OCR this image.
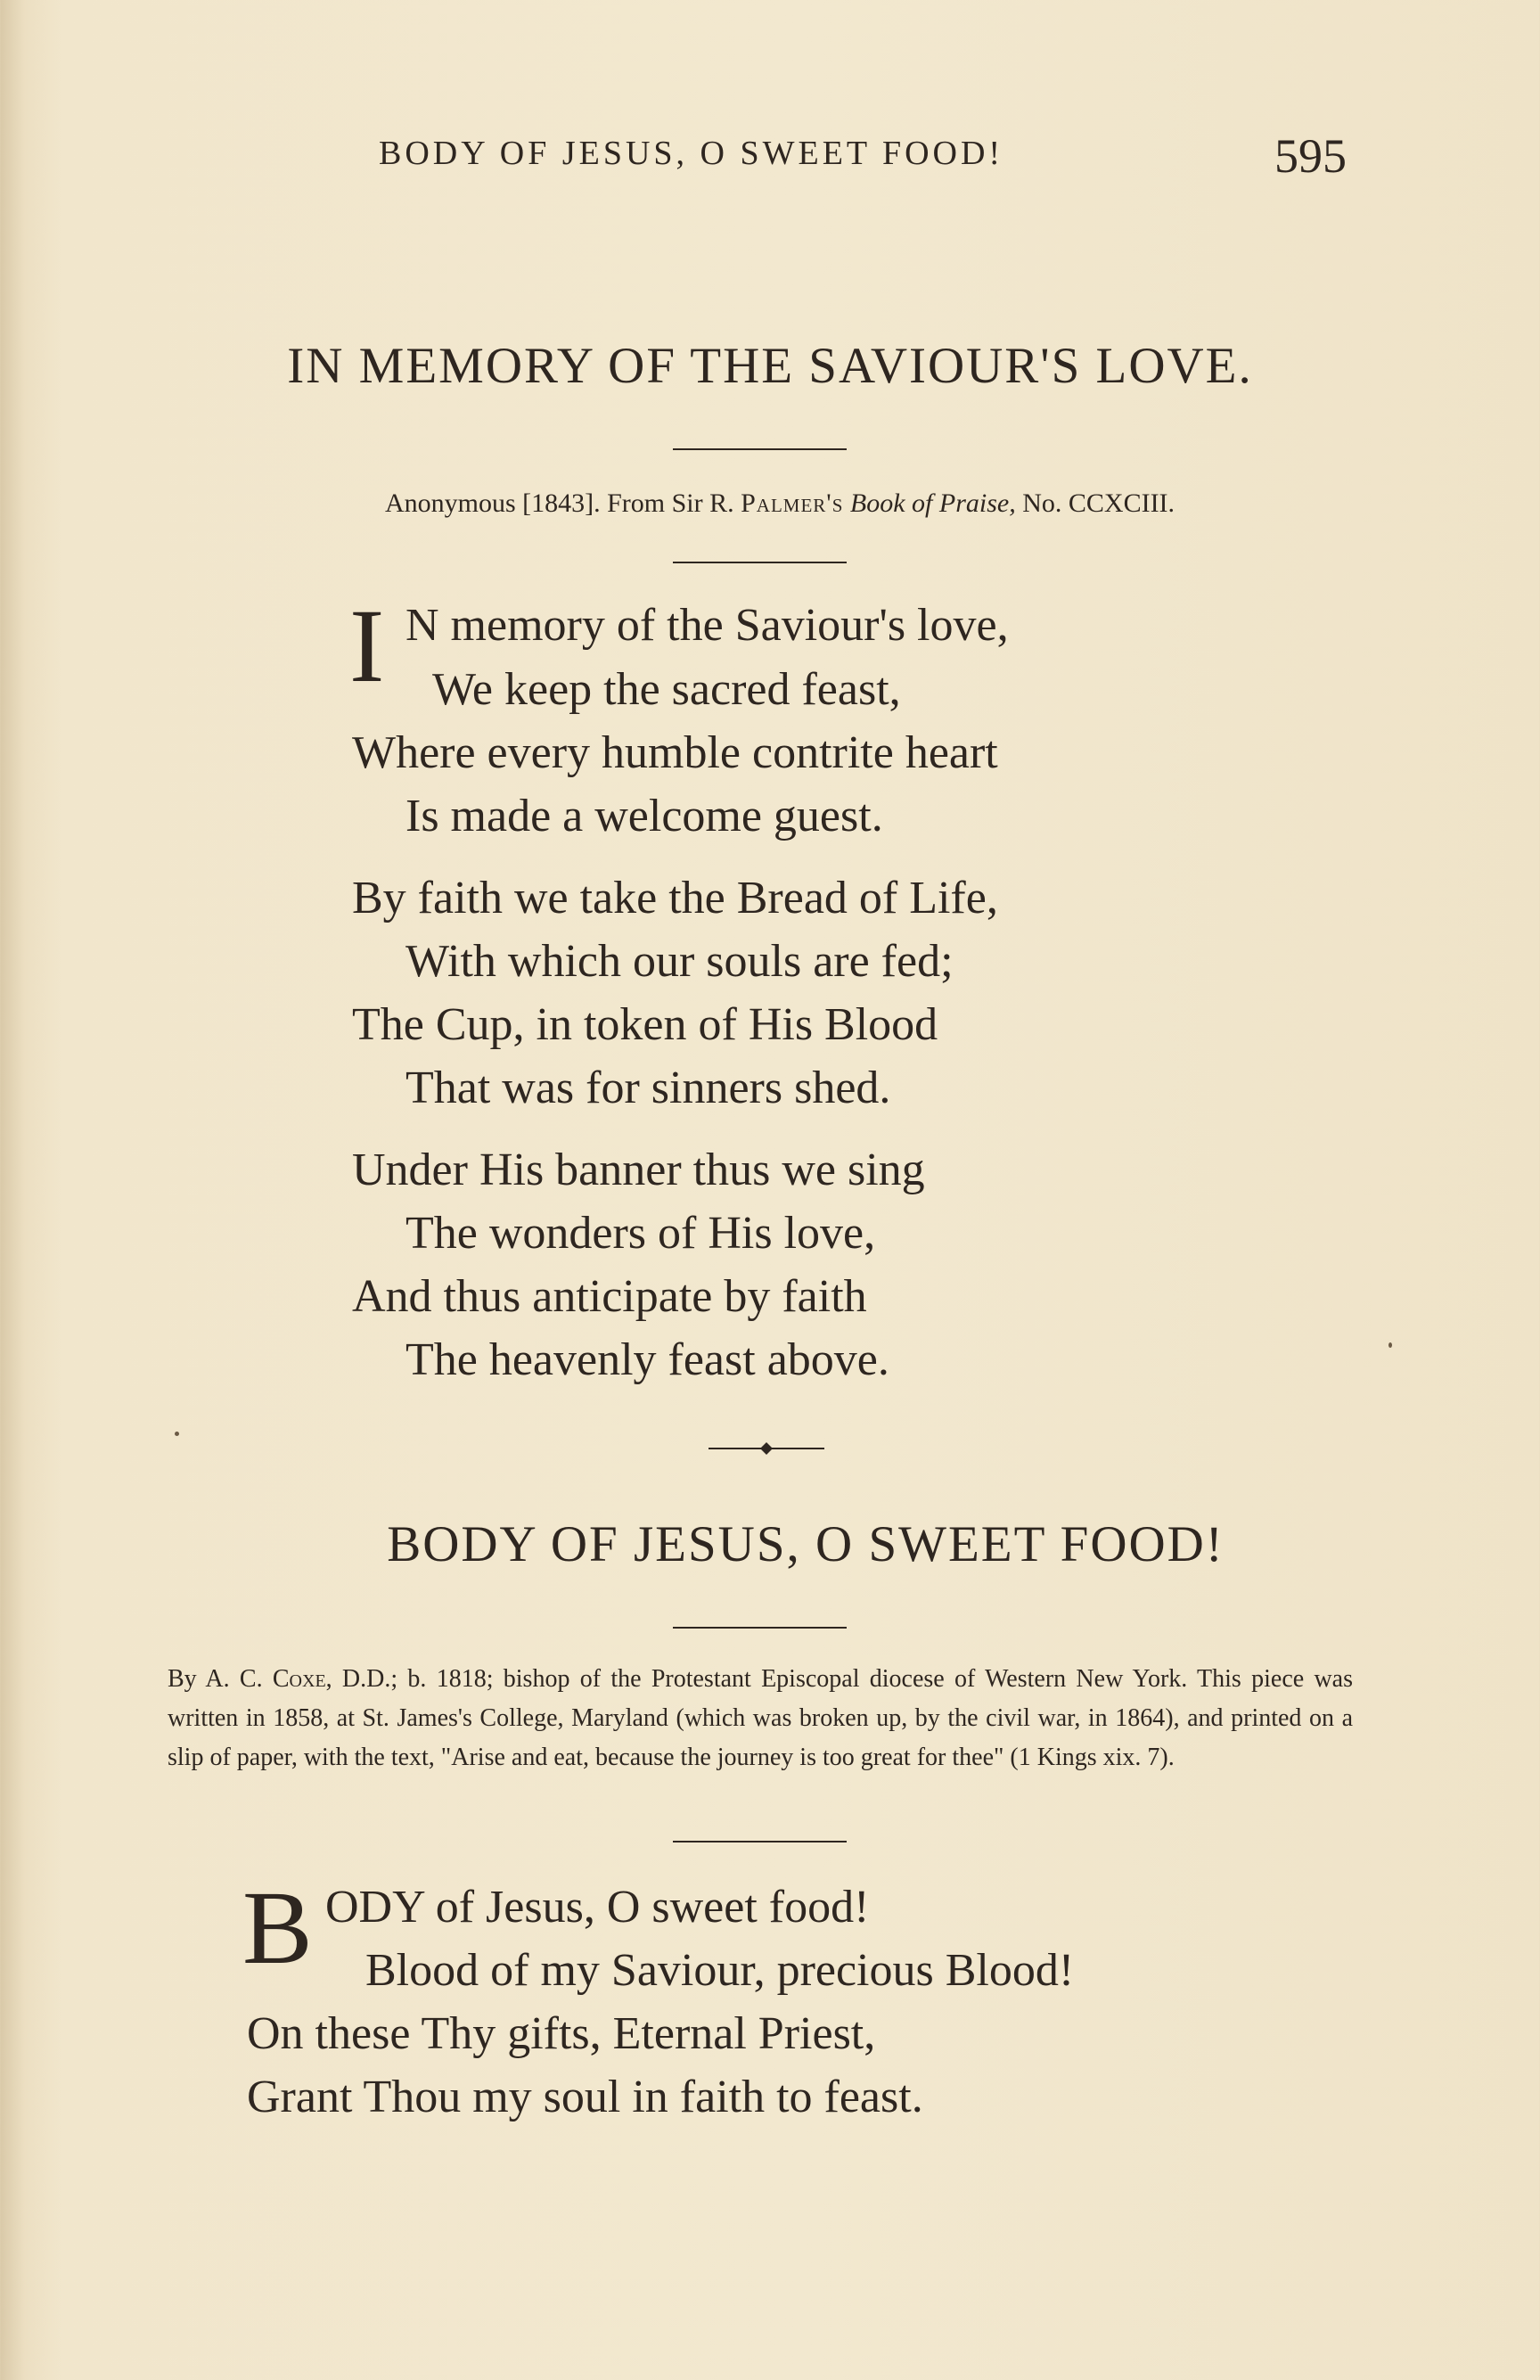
BODY OF JESUS, O SWEET FOOD!	595
IN MEMORY OF THE SAVIOUR'S LOVE.
Anonymous [1843]. From Sir R. Palmer's Book of Praise, No. CCXCIII.
I N memory of the Saviour's love,
We keep the sacred feast,
Where every humble contrite heart
Is made a welcome guest.
By faith we take the Bread of Life,
With which our souls are fed;
The Cup, in token of His Blood
That was for sinners shed.
Under His banner thus we sing
The wonders of His love,
And thus anticipate by faith
The heavenly feast above.
BODY OF JESUS, O SWEET FOOD!
By A. C. Coxe, D.D.; b. 1818; bishop of the Protestant Episcopal diocese of Western New York. This piece was written in 1858, at St. James's College, Maryland (which was broken up, by the civil war, in 1864), and printed on a slip of paper, with the text, "Arise and eat, because the journey is too great for thee" (1 Kings xix. 7).
B ODY of Jesus, O sweet food!
Blood of my Saviour, precious Blood!
On these Thy gifts, Eternal Priest,
Grant Thou my soul in faith to feast.
